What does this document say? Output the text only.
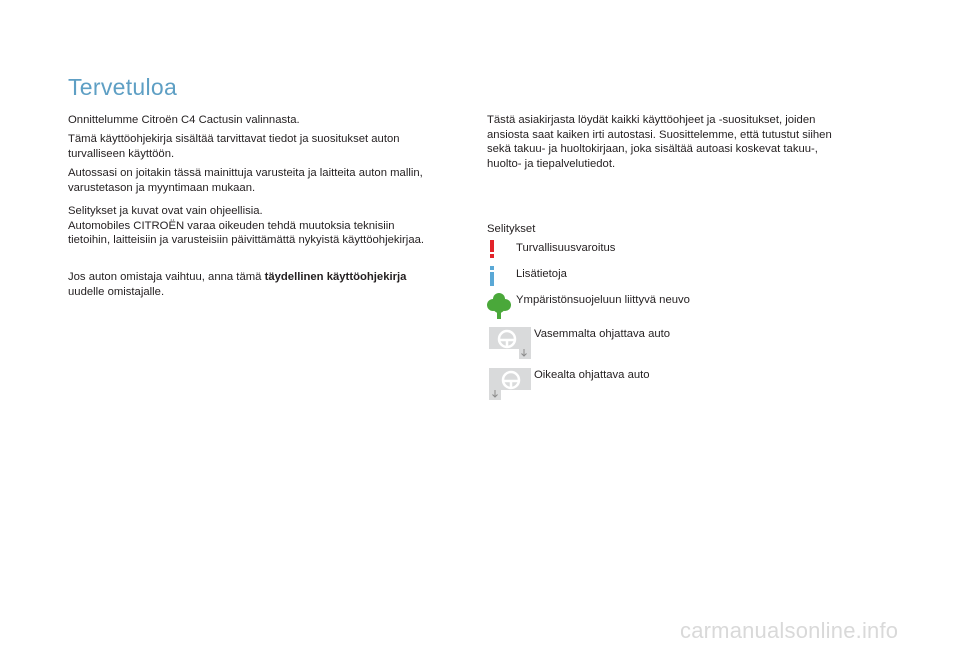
Tervetuloa

Onnittelumme Citroën C4 Cactusin valinnasta.

Tämä käyttöohjekirja sisältää tarvittavat tiedot ja suositukset auton
turvalliseen käyttöön.

Autossasi on joitakin tässä mainittuja varusteita ja laitteita auton mallin,
varustetason ja myyntimaan mukaan.

Selitykset ja kuvat ovat vain ohjeellisia.
Automobiles CITROËN varaa oikeuden tehdä muutoksia teknisiin
tietoihin, laitteisiin ja varusteisiin päivittämättä nykyistä käyttöohjekirjaa.

Jos auton omistaja vaihtuu, anna tämä täydellinen käyttöohjekirja
uudelle omistajalle.

Tästä asiakirjasta löydät kaikki käyttöohjeet ja -suositukset, joiden
ansiosta saat kaiken irti autostasi. Suosittelemme, että tutustut siihen
sekä takuu- ja huoltokirjaan, joka sisältää autoasi koskevat takuu-,
huolto- ja tiepalvelutiedot.

Selitykset

Turvallisuusvaroitus
Lisätietoja
Ympäristönsuojeluun liittyvä neuvo
Vasemmalta ohjattava auto
Oikealta ohjattava auto
carmanualsonline.info
